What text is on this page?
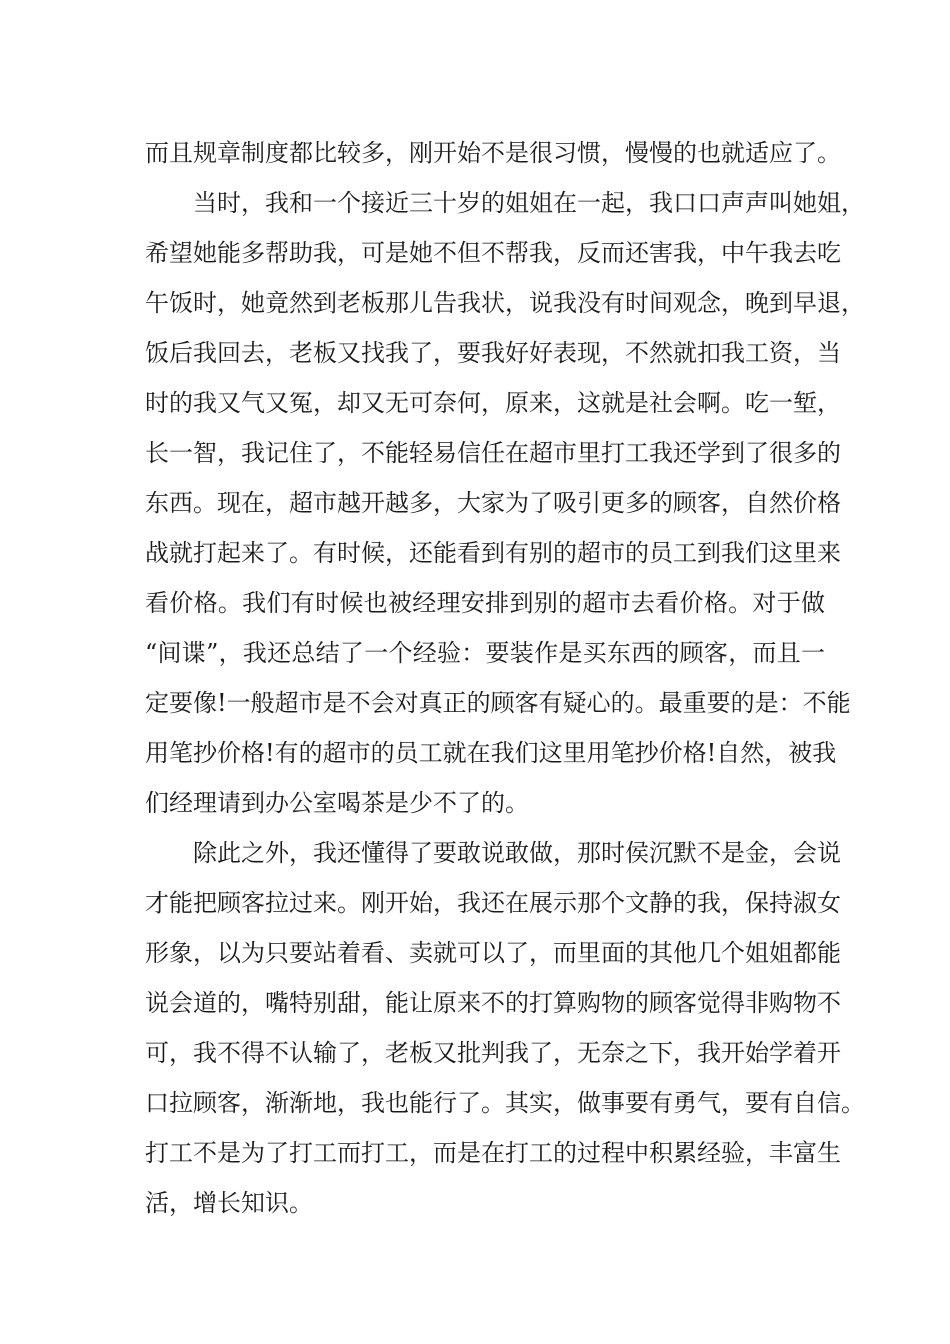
而且规章制度都比较多，刚开始不是很习惯，慢慢的也就适应了。
当时，我和一个接近三十岁的姐姐在一起，我口口声声叫她姐，
希望她能多帮助我，可是她不但不帮我，反而还害我，中午我去吃
午饭时，她竟然到老板那儿告我状，说我没有时间观念，晚到早退，
饭后我回去，老板又找我了，要我好好表现，不然就扣我工资，当
时的我又气又冤，却又无可奈何，原来，这就是社会啊。吃一堑，
长一智，我记住了，不能轻易信任在超市里打工我还学到了很多的
东西。现在，超市越开越多，大家为了吸引更多的顾客，自然价格
战就打起来了。有时候，还能看到有别的超市的员工到我们这里来
看价格。我们有时候也被经理安排到别的超市去看价格。对于做
“间谍”，我还总结了一个经验：要装作是买东西的顾客，而且一
定要像!一般超市是不会对真正的顾客有疑心的。最重要的是：不能
用笔抄价格!有的超市的员工就在我们这里用笔抄价格!自然，被我
们经理请到办公室喝茶是少不了的。
除此之外，我还懂得了要敢说敢做，那时侯沉默不是金，会说
才能把顾客拉过来。刚开始，我还在展示那个文静的我，保持淑女
形象，以为只要站着看、卖就可以了，而里面的其他几个姐姐都能
说会道的，嘴特别甜，能让原来不的打算购物的顾客觉得非购物不
可，我不得不认输了，老板又批判我了，无奈之下，我开始学着开
口拉顾客，渐渐地，我也能行了。其实，做事要有勇气，要有自信。
打工不是为了打工而打工，而是在打工的过程中积累经验，丰富生
活，增长知识。
